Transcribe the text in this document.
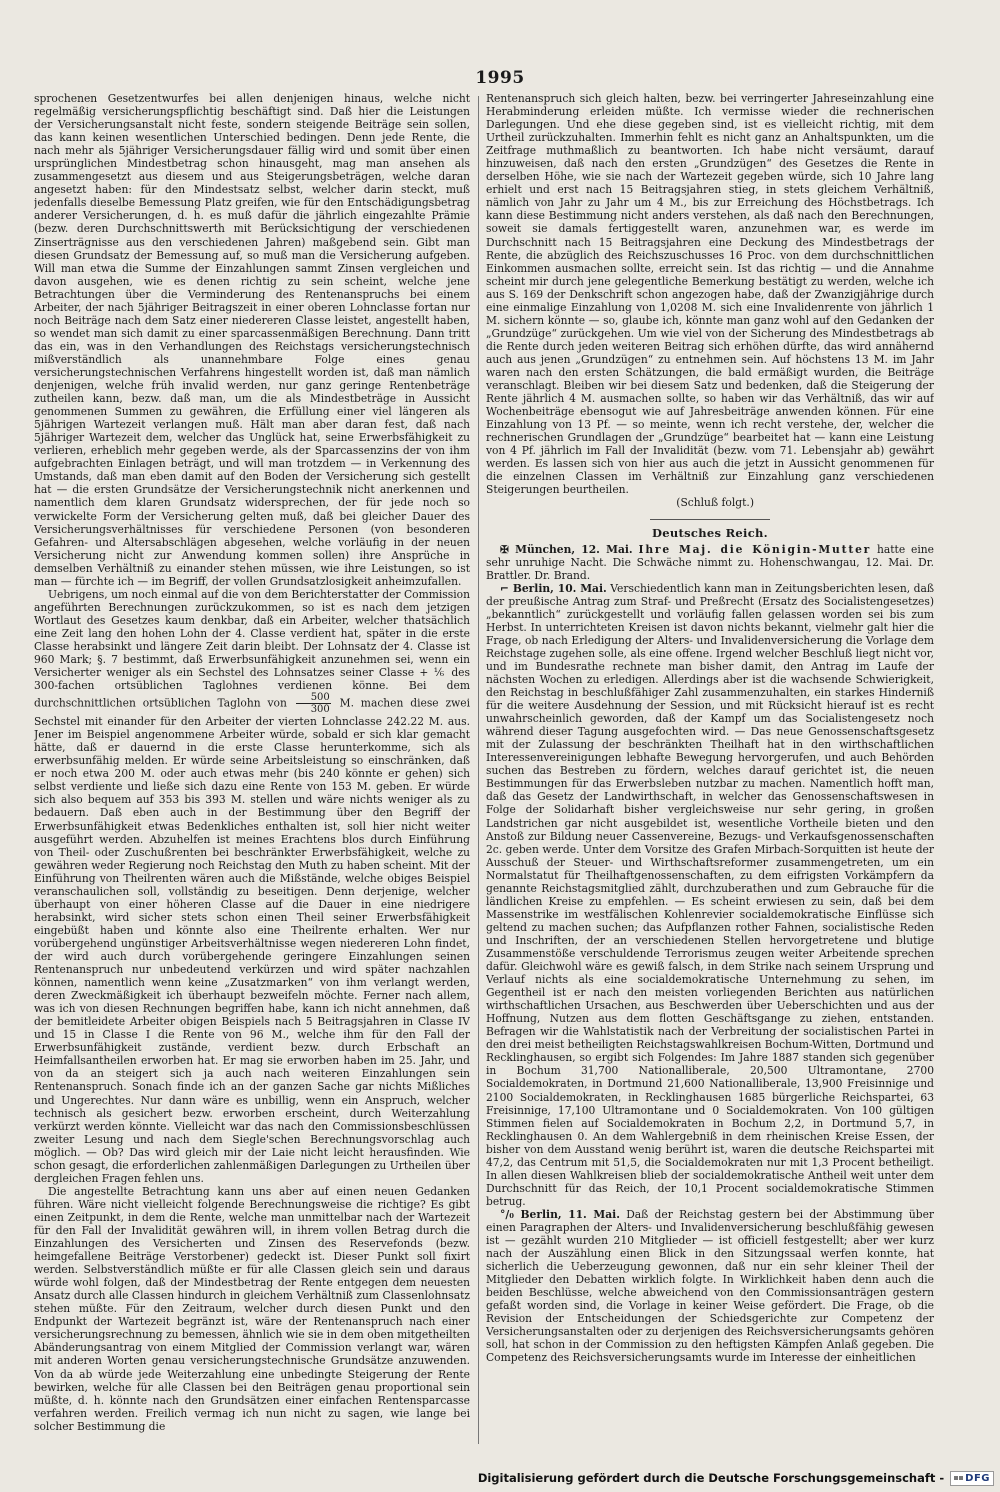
1995

sprochenen Gesetzentwurfes bei allen denjenigen hinaus, welche nicht regelmäßig versicherungspflichtig beschäftigt sind. Daß hier die Leistungen der Versicherungsanstalt nicht feste, sondern steigende Beiträge sein sollen, das kann keinen wesentlichen Unterschied bedingen. Denn jede Rente, die nach mehr als 5jähriger Versicherungsdauer fällig wird und somit über einen ursprünglichen Mindestbetrag schon hinausgeht, mag man ansehen als zusammengesetzt aus diesem und aus Steigerungsbeträgen, welche daran angesetzt haben: für den Mindestsatz selbst, welcher darin steckt, muß jedenfalls dieselbe Bemessung Platz greifen, wie für den Entschädigungsbetrag anderer Versicherungen, d. h. es muß dafür die jährlich eingezahlte Prämie (bezw. deren Durchschnittswerth mit Berücksichtigung der verschiedenen Zinserträgnisse aus den verschiedenen Jahren) maßgebend sein. Gibt man diesen Grundsatz der Bemessung auf, so muß man die Versicherung aufgeben. Will man etwa die Summe der Einzahlungen sammt Zinsen vergleichen und davon ausgehen, wie es denen richtig zu sein scheint, welche jene Betrachtungen über die Verminderung des Rentenanspruchs bei einem Arbeiter, der nach 5jähriger Beitragszeit in einer oberen Lohnclasse fortan nur noch Beiträge nach dem Satz einer niedereren Classe leistet, angestellt haben, so wendet man sich damit zu einer sparcassenmäßigen Berechnung. Dann tritt das ein, was in den Verhandlungen des Reichstags versicherungstechnisch mißverständlich als unannehmbare Folge eines genau versicherungstechnischen Verfahrens hingestellt worden ist, daß man nämlich denjenigen, welche früh invalid werden, nur ganz geringe Rentenbeträge zutheilen kann, bezw. daß man, um die als Mindestbeträge in Aussicht genommenen Summen zu gewähren, die Erfüllung einer viel längeren als 5jährigen Wartezeit verlangen muß. Hält man aber daran fest, daß nach 5jähriger Wartezeit dem, welcher das Unglück hat, seine Erwerbsfähigkeit zu verlieren, erheblich mehr gegeben werde, als der Sparcassenzins der von ihm aufgebrachten Einlagen beträgt, und will man trotzdem — in Verkennung des Umstands, daß man eben damit auf den Boden der Versicherung sich gestellt hat — die ersten Grundsätze der Versicherungstechnik nicht anerkennen und namentlich dem klaren Grundsatz widersprechen, der für jede noch so verwickelte Form der Versicherung gelten muß, daß bei gleicher Dauer des Versicherungsverhältnisses für verschiedene Personen (von besonderen Gefahren- und Altersabschlägen abgesehen, welche vorläufig in der neuen Versicherung nicht zur Anwendung kommen sollen) ihre Ansprüche in demselben Verhältniß zu einander stehen müssen, wie ihre Leistungen, so ist man — fürchte ich — im Begriff, der vollen Grundsatzlosigkeit anheimzufallen.

Uebrigens, um noch einmal auf die von dem Berichterstatter der Commission angeführten Berechnungen zurückzukommen, so ist es nach dem jetzigen Wortlaut des Gesetzes kaum denkbar, daß ein Arbeiter, welcher thatsächlich eine Zeit lang den hohen Lohn der 4. Classe verdient hat, später in die erste Classe herabsinkt und längere Zeit darin bleibt. Der Lohnsatz der 4. Classe ist 960 Mark; §. 7 bestimmt, daß Erwerbsunfähigkeit anzunehmen sei, wenn ein Versicherter weniger als ein Sechstel des Lohnsatzes seiner Classe + ⅙ des 300-fachen ortsüblichen Taglohnes verdienen könne. Bei dem durchschnittlichen ortsüblichen Taglohn von $\frac{500}{300} M$. machen diese zwei Sechstel mit einander für den Arbeiter der vierten Lohnclasse 242.22 M. aus. Jener im Beispiel angenommene Arbeiter würde, sobald er sich klar gemacht hätte, daß er dauernd in die erste Classe herunterkomme, sich als erwerbsunfähig melden. Er würde seine Arbeitsleistung so einschränken, daß er noch etwa 200 M. oder auch etwas mehr (bis 240 könnte er gehen) sich selbst verdiente und ließe sich dazu eine Rente von 153 M. geben. Er würde sich also bequem auf 353 bis 393 M. stellen und wäre nichts weniger als zu bedauern. Daß eben auch in der Bestimmung über den Begriff der Erwerbsunfähigkeit etwas Bedenkliches enthalten ist, soll hier nicht weiter ausgeführt werden. Abzuhelfen ist meines Erachtens blos durch Einführung von Theil- oder Zuschußrenten bei beschränkter Erwerbsfähigkeit, welche zu gewähren weder Regierung noch Reichstag den Muth zu haben scheint. Mit der Einführung von Theilrenten wären auch die Mißstände, welche obiges Beispiel veranschaulichen soll, vollständig zu beseitigen. Denn derjenige, welcher überhaupt von einer höheren Classe auf die Dauer in eine niedrigere herabsinkt, wird sicher stets schon einen Theil seiner Erwerbsfähigkeit eingebüßt haben und könnte also eine Theilrente erhalten. Wer nur vorübergehend ungünstiger Arbeitsverhältnisse wegen niedereren Lohn findet, der wird auch durch vorübergehende geringere Einzahlungen seinen Rentenanspruch nur unbedeutend verkürzen und wird später nachzahlen können, namentlich wenn keine „Zusatzmarken“ von ihm verlangt werden, deren Zweckmäßigkeit ich überhaupt bezweifeln möchte. Ferner nach allem, was ich von diesen Rechnungen begriffen habe, kann ich nicht annehmen, daß der bemitleidete Arbeiter obigen Beispiels nach 5 Beitragsjahren in Classe IV und 15 in Classe I die Rente von 96 M., welche ihm für den Fall der Erwerbsunfähigkeit zustände, verdient bezw. durch Erbschaft an Heimfallsantheilen erworben hat. Er mag sie erworben haben im 25. Jahr, und von da an steigert sich ja auch nach weiteren Einzahlungen sein Rentenanspruch. Sonach finde ich an der ganzen Sache gar nichts Mißliches und Ungerechtes. Nur dann wäre es unbillig, wenn ein Anspruch, welcher technisch als gesichert bezw. erworben erscheint, durch Weiterzahlung verkürzt werden könnte. Vielleicht war das nach den Commissionsbeschlüssen zweiter Lesung und nach dem Siegle'schen Berechnungsvorschlag auch möglich. — Ob? Das wird gleich mir der Laie nicht leicht herausfinden. Wie schon gesagt, die erforderlichen zahlenmäßigen Darlegungen zu Urtheilen über dergleichen Fragen fehlen uns.

Die angestellte Betrachtung kann uns aber auf einen neuen Gedanken führen. Wäre nicht vielleicht folgende Berechnungsweise die richtige? Es gibt einen Zeitpunkt, in dem die Rente, welche man unmittelbar nach der Wartezeit für den Fall der Invalidität gewähren will, in ihrem vollen Betrag durch die Einzahlungen des Versicherten und Zinsen des Reservefonds (bezw. heimgefallene Beiträge Verstorbener) gedeckt ist. Dieser Punkt soll fixirt werden. Selbstverständlich müßte er für alle Classen gleich sein und daraus würde wohl folgen, daß der Mindestbetrag der Rente entgegen dem neuesten Ansatz durch alle Classen hindurch in gleichem Verhältniß zum Classenlohnsatz stehen müßte. Für den Zeitraum, welcher durch diesen Punkt und den Endpunkt der Wartezeit begränzt ist, wäre der Rentenanspruch nach einer versicherungsrechnung zu bemessen, ähnlich wie sie in dem oben mitgetheilten Abänderungsantrag von einem Mitglied der Commission verlangt war, wären mit anderen Worten genau versicherungstechnische Grundsätze anzuwenden. Von da ab würde jede Weiterzahlung eine unbedingte Steigerung der Rente bewirken, welche für alle Classen bei den Beiträgen genau proportional sein müßte, d. h. könnte nach den Grundsätzen einer einfachen Rentensparcasse verfahren werden. Freilich vermag ich nun nicht zu sagen, wie lange bei solcher Bestimmung die

Rentenanspruch sich gleich halten, bezw. bei verringerter Jahreseinzahlung eine Herabminderung erleiden müßte. Ich vermisse wieder die rechnerischen Darlegungen. Und ehe diese gegeben sind, ist es vielleicht richtig, mit dem Urtheil zurückzuhalten. Immerhin fehlt es nicht ganz an Anhaltspunkten, um die Zeitfrage muthmaßlich zu beantworten. Ich habe nicht versäumt, darauf hinzuweisen, daß nach den ersten „Grundzügen“ des Gesetzes die Rente in derselben Höhe, wie sie nach der Wartezeit gegeben würde, sich 10 Jahre lang erhielt und erst nach 15 Beitragsjahren stieg, in stets gleichem Verhältniß, nämlich von Jahr zu Jahr um 4 M., bis zur Erreichung des Höchstbetrags. Ich kann diese Bestimmung nicht anders verstehen, als daß nach den Berechnungen, soweit sie damals fertiggestellt waren, anzunehmen war, es werde im Durchschnitt nach 15 Beitragsjahren eine Deckung des Mindestbetrags der Rente, die abzüglich des Reichszuschusses 16 Proc. von dem durchschnittlichen Einkommen ausmachen sollte, erreicht sein. Ist das richtig — und die Annahme scheint mir durch jene gelegentliche Bemerkung bestätigt zu werden, welche ich aus S. 169 der Denkschrift schon angezogen habe, daß der Zwanzigjährige durch eine einmalige Einzahlung von 1,0208 M. sich eine Invalidenrente von jährlich 1 M. sichern könnte — so, glaube ich, könnte man ganz wohl auf den Gedanken der „Grundzüge“ zurückgehen. Um wie viel von der Sicherung des Mindestbetrags ab die Rente durch jeden weiteren Beitrag sich erhöhen dürfte, das wird annähernd auch aus jenen „Grundzügen“ zu entnehmen sein. Auf höchstens 13 M. im Jahr waren nach den ersten Schätzungen, die bald ermäßigt wurden, die Beiträge veranschlagt. Bleiben wir bei diesem Satz und bedenken, daß die Steigerung der Rente jährlich 4 M. ausmachen sollte, so haben wir das Verhältniß, das wir auf Wochenbeiträge ebensogut wie auf Jahresbeiträge anwenden können. Für eine Einzahlung von 13 Pf. — so meinte, wenn ich recht verstehe, der, welcher die rechnerischen Grundlagen der „Grundzüge“ bearbeitet hat — kann eine Leistung von 4 Pf. jährlich im Fall der Invalidität (bezw. vom 71. Lebensjahr ab) gewährt werden. Es lassen sich von hier aus auch die jetzt in Aussicht genommenen für die einzelnen Classen im Verhältniß zur Einzahlung ganz verschiedenen Steigerungen beurtheilen.

(Schluß folgt.)

Deutsches Reich.

✠ München, 12. Mai. Ihre Maj. die Königin-Mutter hatte eine sehr unruhige Nacht. Die Schwäche nimmt zu. Hohenschwangau, 12. Mai. Dr. Brattler. Dr. Brand.

⌐ Berlin, 10. Mai. Verschiedentlich kann man in Zeitungsberichten lesen, daß der preußische Antrag zum Straf- und Preßrecht (Ersatz des Socialistengesetzes) „bekanntlich“ zurückgestellt und vorläufig fallen gelassen worden sei bis zum Herbst. In unterrichteten Kreisen ist davon nichts bekannt, vielmehr galt hier die Frage, ob nach Erledigung der Alters- und Invalidenversicherung die Vorlage dem Reichstage zugehen solle, als eine offene. Irgend welcher Beschluß liegt nicht vor, und im Bundesrathe rechnete man bisher damit, den Antrag im Laufe der nächsten Wochen zu erledigen. Allerdings aber ist die wachsende Schwierigkeit, den Reichstag in beschlußfähiger Zahl zusammenzuhalten, ein starkes Hinderniß für die weitere Ausdehnung der Session, und mit Rücksicht hierauf ist es recht unwahrscheinlich geworden, daß der Kampf um das Socialistengesetz noch während dieser Tagung ausgefochten wird. — Das neue Genossenschaftsgesetz mit der Zulassung der beschränkten Theilhaft hat in den wirthschaftlichen Interessenvereinigungen lebhafte Bewegung hervorgerufen, und auch Behörden suchen das Bestreben zu fördern, welches darauf gerichtet ist, die neuen Bestimmungen für das Erwerbsleben nutzbar zu machen. Namentlich hofft man, daß das Gesetz der Landwirthschaft, in welcher das Genossenschaftswesen in Folge der Solidarhaft bisher vergleichsweise nur sehr gering, in großen Landstrichen gar nicht ausgebildet ist, wesentliche Vortheile bieten und den Anstoß zur Bildung neuer Cassenvereine, Bezugs- und Verkaufsgenossenschaften 2c. geben werde. Unter dem Vorsitze des Grafen Mirbach-Sorquitten ist heute der Ausschuß der Steuer- und Wirthschaftsreformer zusammengetreten, um ein Normalstatut für Theilhaftgenossenschaften, zu dem eifrigsten Vorkämpfern da genannte Reichstagsmitglied zählt, durchzuberathen und zum Gebrauche für die ländlichen Kreise zu empfehlen. — Es scheint erwiesen zu sein, daß bei dem Massenstrike im westfälischen Kohlenrevier socialdemokratische Einflüsse sich geltend zu machen suchen; das Aufpflanzen rother Fahnen, socialistische Reden und Inschriften, der an verschiedenen Stellen hervorgetretene und blutige Zusammenstöße verschuldende Terrorismus zeugen weiter Arbeitende sprechen dafür. Gleichwohl wäre es gewiß falsch, in dem Strike nach seinem Ursprung und Verlauf nichts als eine socialdemokratische Unternehmung zu sehen, im Gegentheil ist er nach den meisten vorliegenden Berichten aus natürlichen wirthschaftlichen Ursachen, aus Beschwerden über Ueberschichten und aus der Hoffnung, Nutzen aus dem flotten Geschäftsgange zu ziehen, entstanden. Befragen wir die Wahlstatistik nach der Verbreitung der socialistischen Partei in den drei meist betheiligten Reichstagswahlkreisen Bochum-Witten, Dortmund und Recklinghausen, so ergibt sich Folgendes: Im Jahre 1887 standen sich gegenüber in Bochum 31,700 Nationalliberale, 20,500 Ultramontane, 2700 Socialdemokraten, in Dortmund 21,600 Nationalliberale, 13,900 Freisinnige und 2100 Socialdemokraten, in Recklinghausen 1685 bürgerliche Reichspartei, 63 Freisinnige, 17,100 Ultramontane und 0 Socialdemokraten. Von 100 gültigen Stimmen fielen auf Socialdemokraten in Bochum 2,2, in Dortmund 5,7, in Recklinghausen 0. An dem Wahlergebniß in dem rheinischen Kreise Essen, der bisher von dem Ausstand wenig berührt ist, waren die deutsche Reichspartei mit 47,2, das Centrum mit 51,5, die Socialdemokraten nur mit 1,3 Procent betheiligt. In allen diesen Wahlkreisen blieb der socialdemokratische Antheil weit unter dem Durchschnitt für das Reich, der 10,1 Procent socialdemokratische Stimmen betrug.

°/₀ Berlin, 11. Mai. Daß der Reichstag gestern bei der Abstimmung über einen Paragraphen der Alters- und Invalidenversicherung beschlußfähig gewesen ist — gezählt wurden 210 Mitglieder — ist officiell festgestellt; aber wer kurz nach der Auszählung einen Blick in den Sitzungssaal werfen konnte, hat sicherlich die Ueberzeugung gewonnen, daß nur ein sehr kleiner Theil der Mitglieder den Debatten wirklich folgte. In Wirklichkeit haben denn auch die beiden Beschlüsse, welche abweichend von den Commissionsanträgen gestern gefaßt worden sind, die Vorlage in keiner Weise gefördert. Die Frage, ob die Revision der Entscheidungen der Schiedsgerichte zur Competenz der Versicherungsanstalten oder zu derjenigen des Reichsversicherungsamts gehören soll, hat schon in der Commission zu den heftigsten Kämpfen Anlaß gegeben. Die Competenz des Reichsversicherungsamts wurde im Interesse der einheitlichen

Digitalisierung gefördert durch die Deutsche Forschungsgemeinschaft - DFG
